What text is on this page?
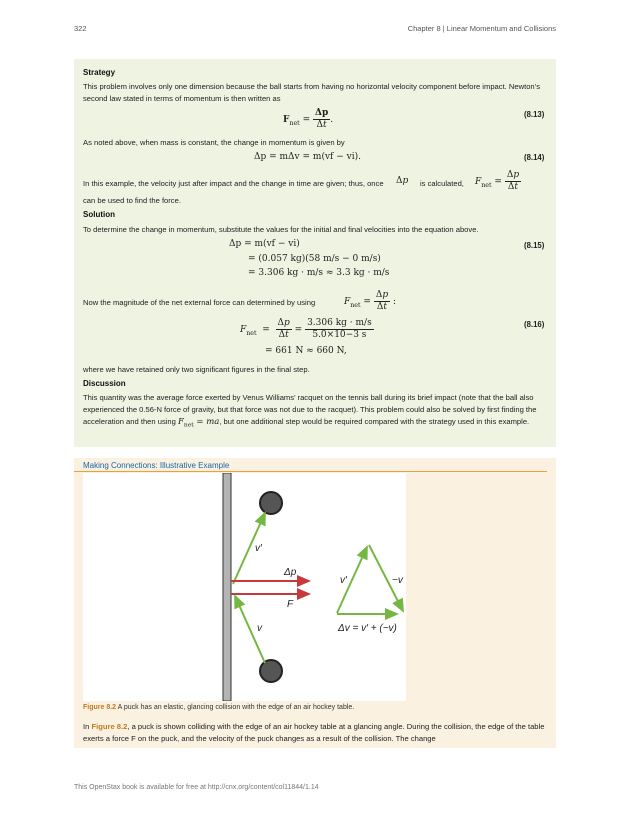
322	Chapter 8 | Linear Momentum and Collisions
Strategy
This problem involves only one dimension because the ball starts from having no horizontal velocity component before impact. Newton’s second law stated in terms of momentum is then written as
$F_{net} = \frac{\Delta p}{\Delta t}$ .
(8.13)
As noted above, when mass is constant, the change in momentum is given by
Δp = mΔv = m(vf − vi).	(8.14)
In this example, the velocity just after impact and the change in time are given; thus, once Δp is calculated, $F_{net} = \frac{\Delta p}{\Delta t}$
can be used to find the force.
Solution
To determine the change in momentum, substitute the values for the initial and final velocities into the equation above.
Δp = m(vf − vi)
= (0.057 kg)(58 m/s − 0 m/s)
= 3.306 kg · m/s ≈ 3.3 kg · m/s
(8.15)
Now the magnitude of the net external force can determined by using	$F_{net} = \frac{\Delta p}{\Delta t}$ :
$F_{net} = \frac{\Delta p}{\Delta t} = \frac{3.306 kg \cdot m/s}{5.0\times 10-3 s}$
= 661 N ≈ 660 N,
(8.16)
where we have retained only two significant figures in the final step.
Discussion
This quantity was the average force exerted by Venus Williams’ racquet on the tennis ball during its brief impact (note that the ball also experienced the 0.56-N force of gravity, but that force was not due to the racquet). This problem could also be solved by first finding the acceleration and then using $F_{net}$ = ma, but one additional step would be required compared with the strategy used in this example.
Making Connections: Illustrative Example
v′
Δp
F
v
v′	−v
Δv = v′ + (−v)
Figure 8.2 A puck has an elastic, glancing collision with the edge of an air hockey table.
In Figure 8.2, a puck is shown colliding with the edge of an air hockey table at a glancing angle. During the collision, the edge of the table exerts a force F on the puck, and the velocity of the puck changes as a result of the collision. The change
This OpenStax book is available for free at http://cnx.org/content/col11844/1.14
